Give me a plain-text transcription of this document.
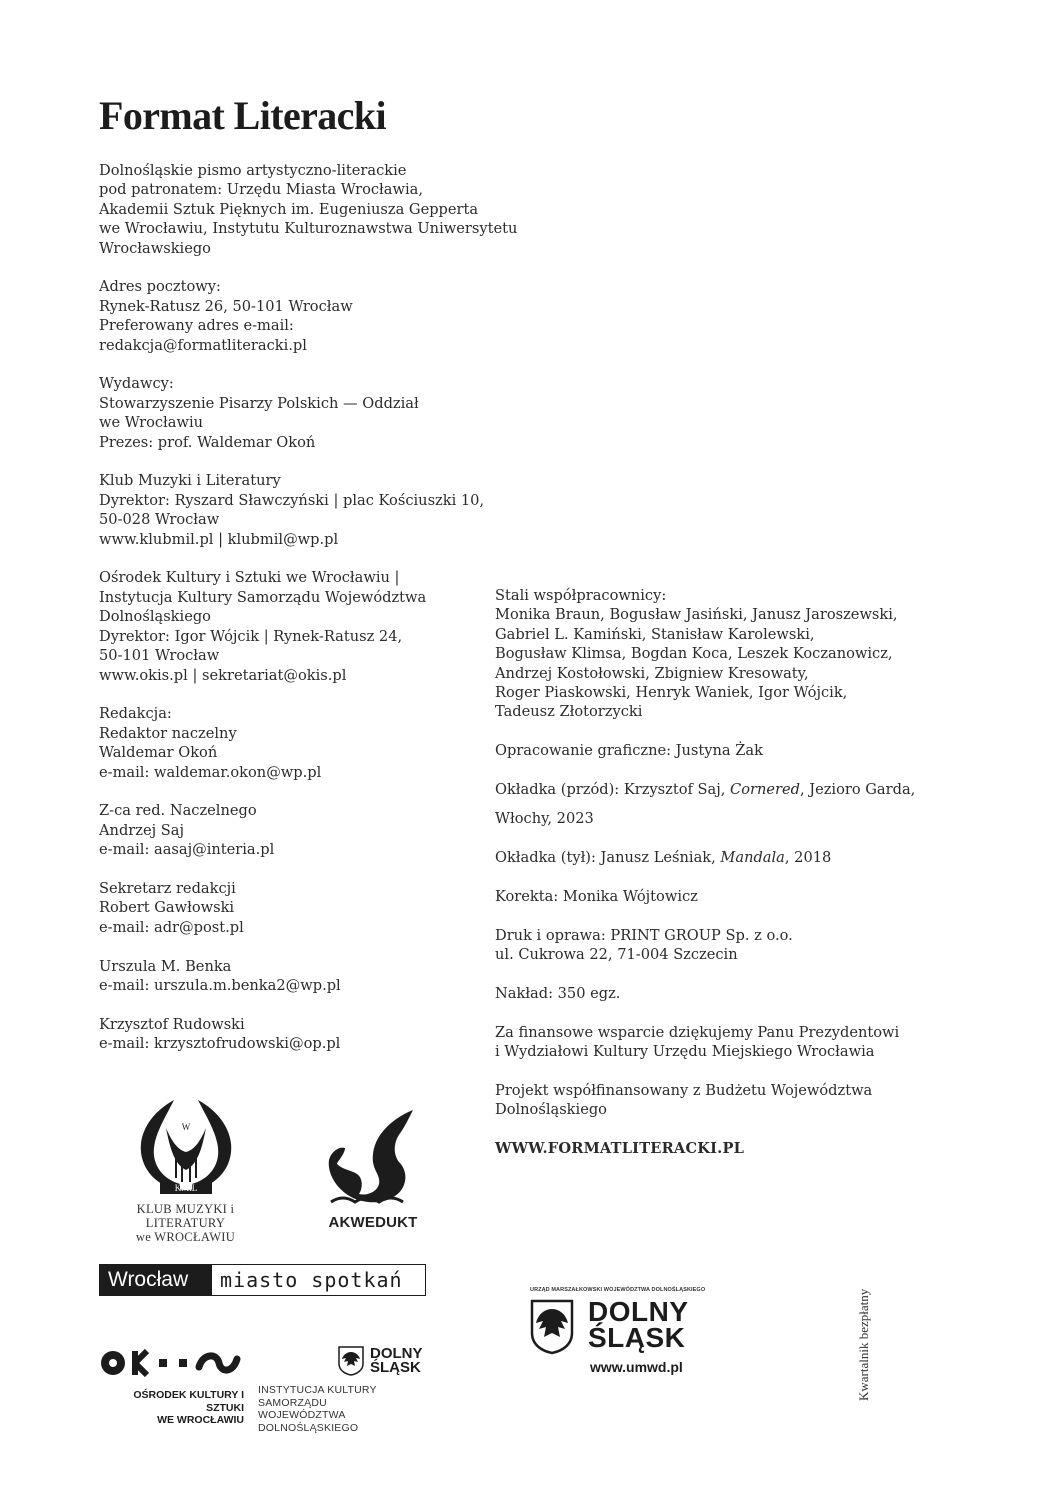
Format Literacki
Dolnośląskie pismo artystyczno-literackie
pod patronatem: Urzędu Miasta Wrocławia,
Akademii Sztuk Pięknych im. Eugeniusza Gepperta
we Wrocławiu, Instytutu Kulturoznawstwa Uniwersytetu
Wrocławskiego
Adres pocztowy:
Rynek-Ratusz 26, 50-101 Wrocław
Preferowany adres e-mail:
redakcja@formatliteracki.pl
Wydawcy:
Stowarzyszenie Pisarzy Polskich — Oddział
we Wrocławiu
Prezes: prof. Waldemar Okoń
Klub Muzyki i Literatury
Dyrektor: Ryszard Sławczyński | plac Kościuszki 10,
50-028 Wrocław
www.klubmil.pl | klubmil@wp.pl
Ośrodek Kultury i Sztuki we Wrocławiu |
Instytucja Kultury Samorządu Województwa
Dolnośląskiego
Dyrektor: Igor Wójcik | Rynek-Ratusz 24,
50-101 Wrocław
www.okis.pl | sekretariat@okis.pl
Redakcja:
Redaktor naczelny
Waldemar Okoń
e-mail: waldemar.okon@wp.pl
Z-ca red. Naczelnego
Andrzej Saj
e-mail: aasaj@interia.pl
Sekretarz redakcji
Robert Gawłowski
e-mail: adr@post.pl
Urszula M. Benka
e-mail: urszula.m.benka2@wp.pl
Krzysztof Rudowski
e-mail: krzysztofrudowski@op.pl
Stali współpracownicy:
Monika Braun, Bogusław Jasiński, Janusz Jaroszewski,
Gabriel L. Kamiński, Stanisław Karolewski,
Bogusław Klimsa, Bogdan Koca, Leszek Koczanowicz,
Andrzej Kostołowski, Zbigniew Kresowaty,
Roger Piaskowski, Henryk Waniek, Igor Wójcik,
Tadeusz Złotorzycki
Opracowanie graficzne: Justyna Żak
Okładka (przód): Krzysztof Saj, Cornered, Jezioro Garda,
Włochy, 2023
Okładka (tył): Janusz Leśniak, Mandala, 2018
Korekta: Monika Wójtowicz
Druk i oprawa: PRINT GROUP Sp. z o.o.
ul. Cukrowa 22, 71-004 Szczecin
Nakład: 350 egz.
Za finansowe wsparcie dziękujemy Panu Prezydentowi
i Wydziałowi Kultury Urzędu Miejskiego Wrocławia
Projekt współfinansowany z Budżetu Województwa
Dolnośląskiego
WWW.FORMATLITERACKI.PL
W
KMiL
KLUB MUZYKI i LITERATURY
we WROCŁAWIU
AKWEDUKT
Wrocław	miasto spotkań
OŚRODEK KULTURY I SZTUKI
WE WROCŁAWIU
DOLNY
ŚLĄSK
INSTYTUCJA KULTURY SAMORZĄDU
WOJEWÓDZTWA DOLNOŚLĄSKIEGO
URZĄD MARSZAŁKOWSKI WOJEWÓDZTWA DOLNOŚLĄSKIEGO
DOLNY
ŚLĄSK
www.umwd.pl	Kwartalnik bezpłatny
